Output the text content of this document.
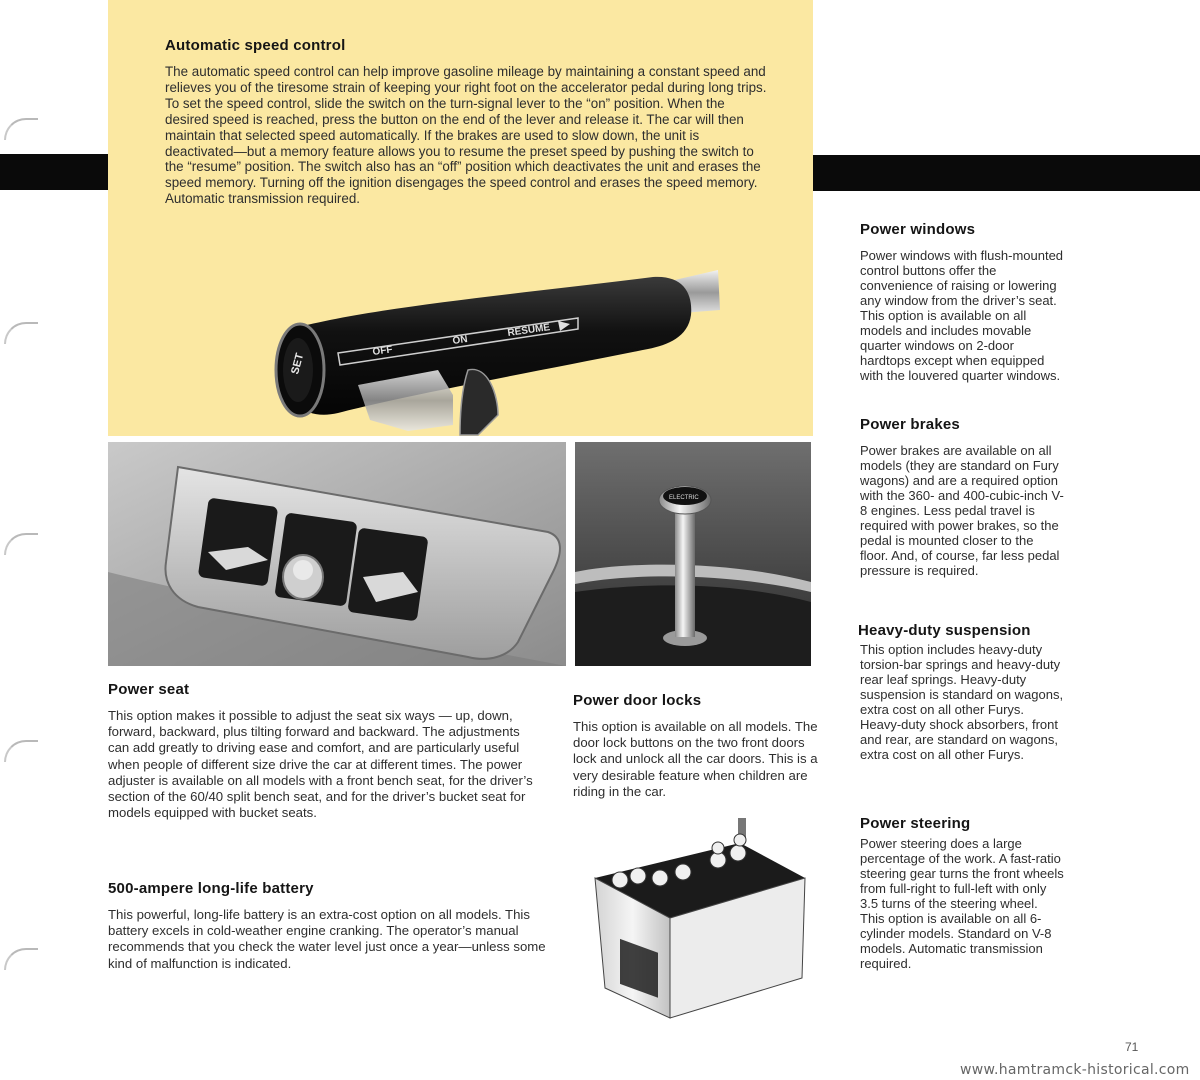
Automatic speed control

The automatic speed control can help improve gasoline mileage by maintaining a constant speed and relieves you of the tiresome strain of keeping your right foot on the accelerator pedal during long trips. To set the speed control, slide the switch on the turn-signal lever to the “on” position. When the desired speed is reached, press the button on the end of the lever and release it. The car will then maintain that selected speed automatically. If the brakes are used to slow down, the unit is deactivated—but a memory feature allows you to resume the preset speed by pushing the switch to the “resume” position. The switch also has an “off” position which deactivates the unit and erases the speed memory. Turning off the ignition disengages the speed control and erases the speed memory. Automatic transmission required.

SET
OFF
ON
RESUME
ELECTRIC
Power windows

Power windows with flush-mounted control buttons offer the convenience of raising or lowering any window from the driver’s seat. This option is available on all models and includes movable quarter windows on 2-door hardtops except when equipped with the louvered quarter windows.

Power brakes

Power brakes are available on all models (they are standard on Fury wagons) and are a required option with the 360- and 400-cubic-inch V-8 engines. Less pedal travel is required with power brakes, so the pedal is mounted closer to the floor. And, of course, far less pedal pressure is required.

Heavy-duty suspension

This option includes heavy-duty torsion-bar springs and heavy-duty rear leaf springs. Heavy-duty suspension is standard on wagons, extra cost on all other Furys. Heavy-duty shock absorbers, front and rear, are standard on wagons, extra cost on all other Furys.

Power steering

Power steering does a large percentage of the work. A fast-ratio steering gear turns the front wheels from full-right to full-left with only 3.5 turns of the steering wheel. This option is available on all 6-cylinder models. Standard on V-8 models. Automatic transmission required.

Power seat

This option makes it possible to adjust the seat six ways — up, down, forward, backward, plus tilting forward and backward. The adjustments can add greatly to driving ease and comfort, and are particularly useful when people of different size drive the car at different times. The power adjuster is available on all models with a front bench seat, for the driver’s section of the 60/40 split bench seat, and for the driver’s bucket seat for models equipped with bucket seats.

500-ampere long-life battery

This powerful, long-life battery is an extra-cost option on all models. This battery excels in cold-weather engine cranking. The operator’s manual recommends that you check the water level just once a year—unless some kind of malfunction is indicated.

Power door locks

This option is available on all models. The door lock buttons on the two front doors lock and unlock all the car doors. This is a very desirable feature when children are riding in the car.

71
www.hamtramck-historical.com
